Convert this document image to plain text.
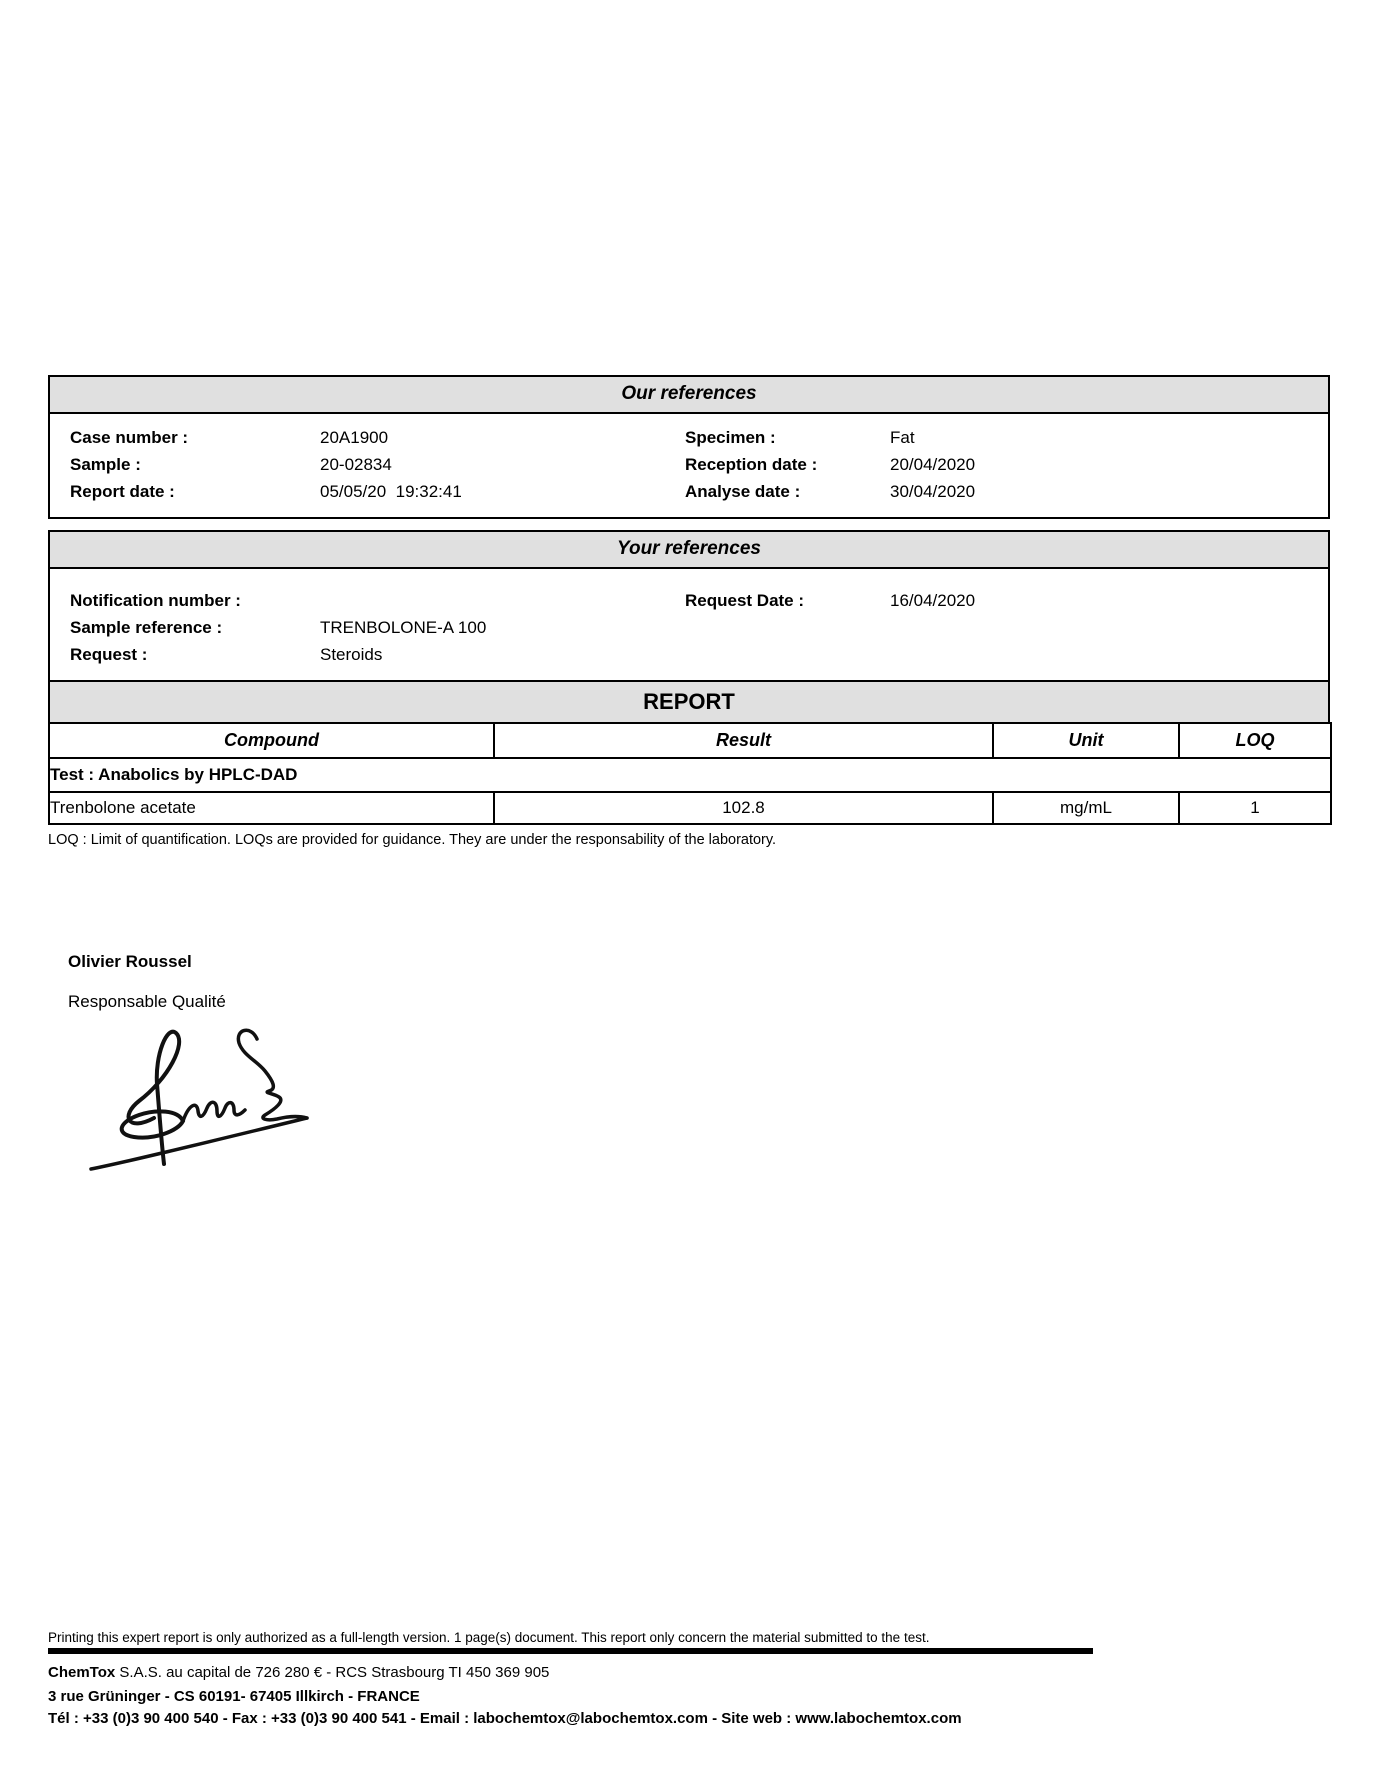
Our references
Case number :	20A1900	Specimen :	Fat
Sample :	20-02834	Reception date :	20/04/2020
Report date :	05/05/20  19:32:41	Analyse date :	30/04/2020
Your references
Notification number :	Request Date :	16/04/2020
Sample reference :	TRENBOLONE-A 100
Request :	Steroids
REPORT
Compound	Result	Unit	LOQ
Test : Anabolics by HPLC-DAD			
Trenbolone acetate	102.8	mg/mL	1
LOQ : Limit of quantification. LOQs are provided for guidance. They are under the responsability of the laboratory.
Olivier Roussel
Responsable Qualité
Printing this expert report is only authorized as a full-length version. 1 page(s) document. This report only concern the material submitted to the test.
ChemTox S.A.S. au capital de 726 280 € - RCS Strasbourg TI 450 369 905
3 rue Grüninger - CS 60191- 67405 Illkirch - FRANCE
Tél : +33 (0)3 90 400 540 - Fax : +33 (0)3 90 400 541 - Email : labochemtox@labochemtox.com - Site web : www.labochemtox.com
